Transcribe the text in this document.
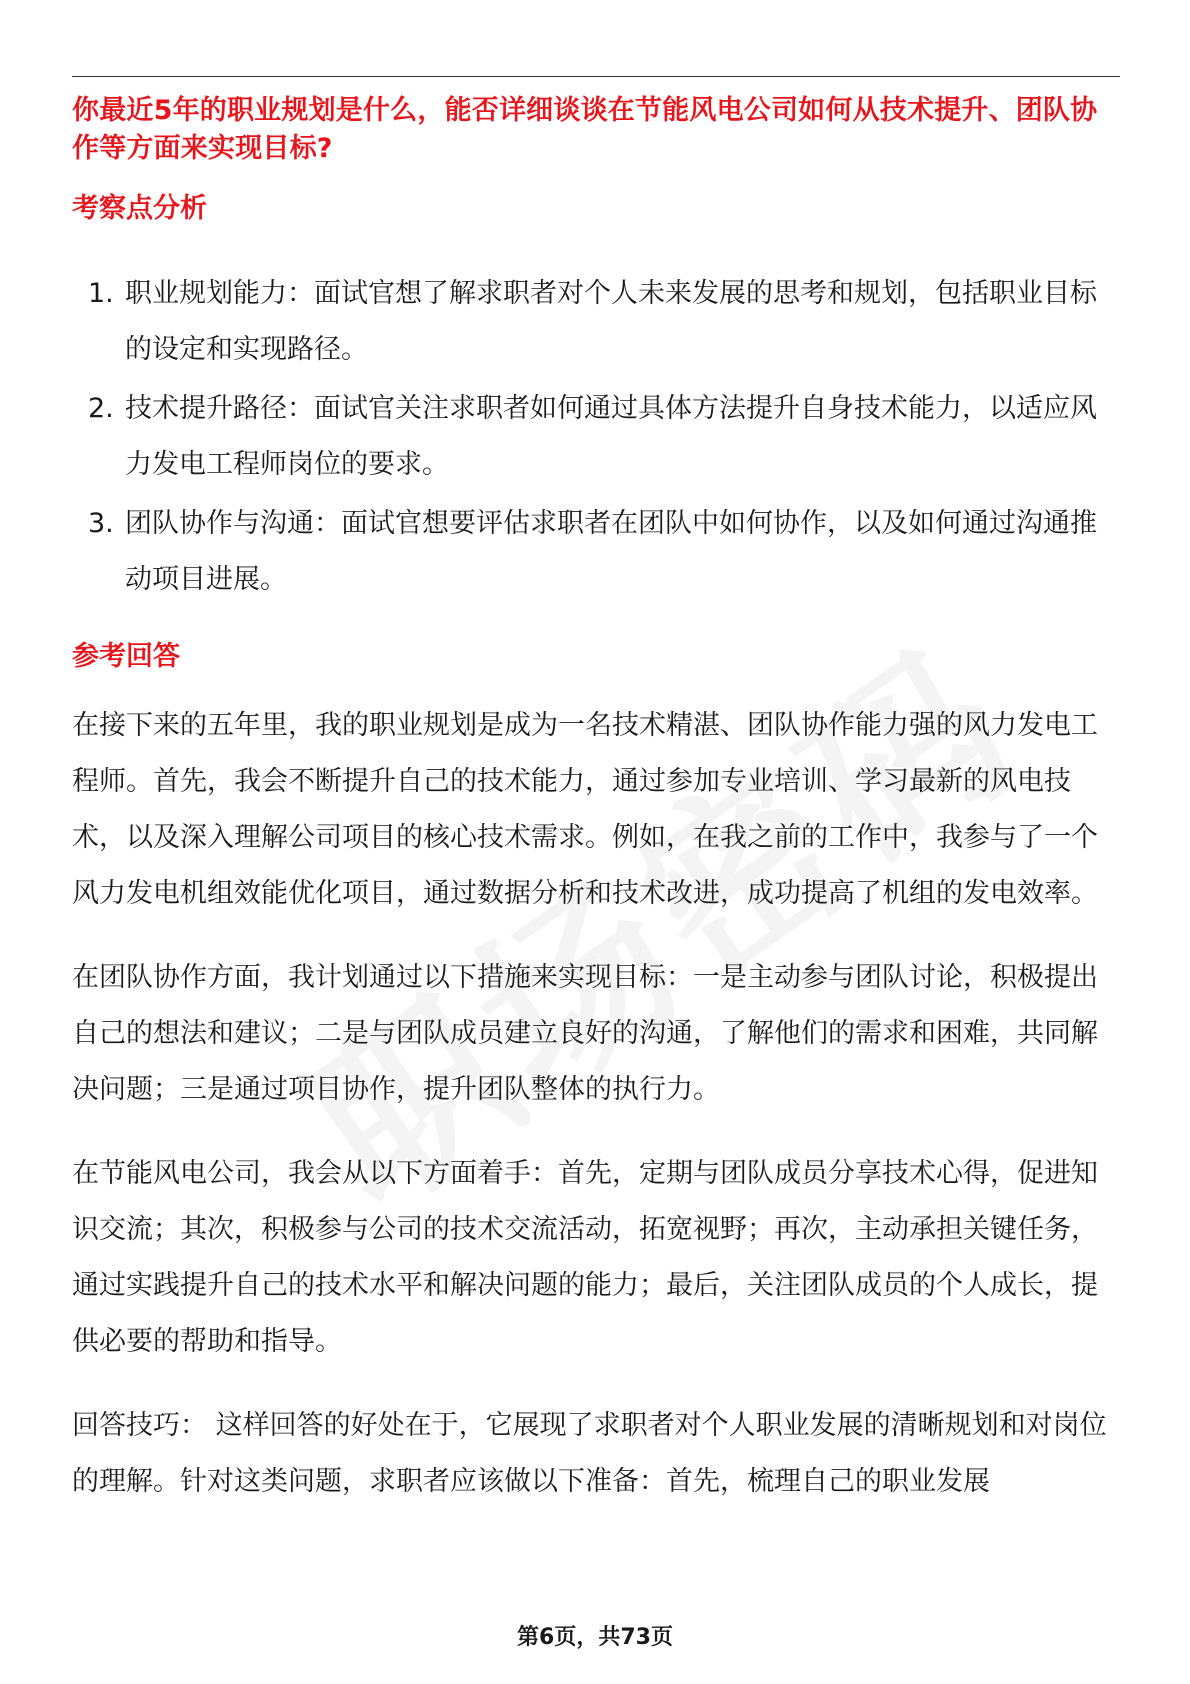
你最近5年的职业规划是什么，能否详细谈谈在节能风电公司如何从技术提升、团队协作等方面来实现目标?

考察点分析

1. 职业规划能力：面试官想了解求职者对个人未来发展的思考和规划，包括职业目标的设定和实现路径。
2. 技术提升路径：面试官关注求职者如何通过具体方法提升自身技术能力，以适应风力发电工程师岗位的要求。
3. 团队协作与沟通：面试官想要评估求职者在团队中如何协作，以及如何通过沟通推动项目进展。

参考回答

在接下来的五年里，我的职业规划是成为一名技术精湛、团队协作能力强的风力发电工程师。首先，我会不断提升自己的技术能力，通过参加专业培训、学习最新的风电技术，以及深入理解公司项目的核心技术需求。例如，在我之前的工作中，我参与了一个风力发电机组效能优化项目，通过数据分析和技术改进，成功提高了机组的发电效率。

在团队协作方面，我计划通过以下措施来实现目标：一是主动参与团队讨论，积极提出自己的想法和建议；二是与团队成员建立良好的沟通，了解他们的需求和困难，共同解决问题；三是通过项目协作，提升团队整体的执行力。

在节能风电公司，我会从以下方面着手：首先，定期与团队成员分享技术心得，促进知识交流；其次，积极参与公司的技术交流活动，拓宽视野；再次，主动承担关键任务，通过实践提升自己的技术水平和解决问题的能力；最后，关注团队成员的个人成长，提供必要的帮助和指导。

回答技巧： 这样回答的好处在于，它展现了求职者对个人职业发展的清晰规划和对岗位的理解。针对这类问题，求职者应该做以下准备：首先，梳理自己的职业发展

第6页，共73页
